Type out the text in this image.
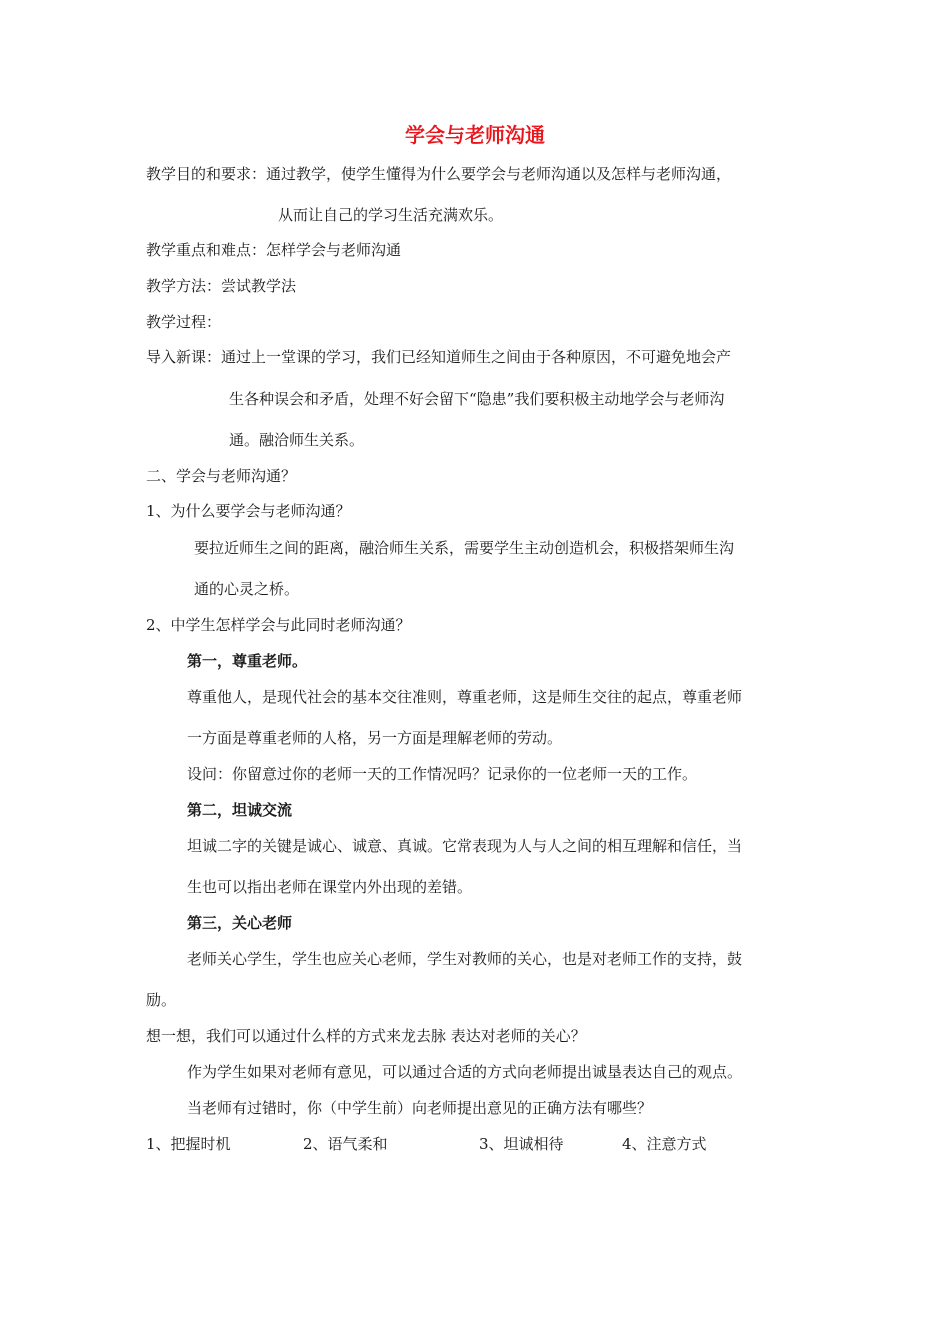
学会与老师沟通
教学目的和要求：通过教学，使学生懂得为什么要学会与老师沟通以及怎样与老师沟通，
从而让自己的学习生活充满欢乐。
教学重点和难点：怎样学会与老师沟通
教学方法：尝试教学法
教学过程：
导入新课：通过上一堂课的学习，我们已经知道师生之间由于各种原因，不可避免地会产
生各种误会和矛盾，处理不好会留下“隐患”我们要积极主动地学会与老师沟
通。融洽师生关系。
二、学会与老师沟通？
1、为什么要学会与老师沟通？
要拉近师生之间的距离，融洽师生关系，需要学生主动创造机会，积极搭架师生沟
通的心灵之桥。
2、中学生怎样学会与此同时老师沟通？
第一，尊重老师。
尊重他人，是现代社会的基本交往准则，尊重老师，这是师生交往的起点，尊重老师
一方面是尊重老师的人格，另一方面是理解老师的劳动。
设问：你留意过你的老师一天的工作情况吗？记录你的一位老师一天的工作。
第二，坦诚交流
坦诚二字的关键是诚心、诚意、真诚。它常表现为人与人之间的相互理解和信任，当
生也可以指出老师在课堂内外出现的差错。
第三，关心老师
老师关心学生，学生也应关心老师，学生对教师的关心，也是对老师工作的支持，鼓
励。
想一想，我们可以通过什么样的方式来龙去脉 表达对老师的关心？
作为学生如果对老师有意见，可以通过合适的方式向老师提出诚垦表达自己的观点。
当老师有过错时，你（中学生前）向老师提出意见的正确方法有哪些？
1、把握时机	2、语气柔和	3、坦诚相待	4、注意方式
